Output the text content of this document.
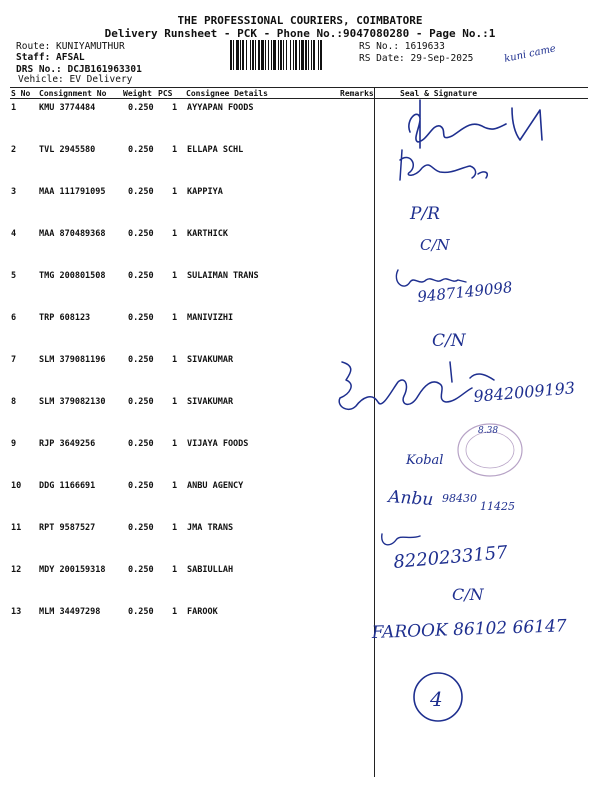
THE PROFESSIONAL COURIERS, COIMBATORE
Delivery Runsheet - PCK - Phone No.:9047080280 - Page No.:1
Route: KUNIYAMUTHUR
Staff: AFSAL
DRS No.: DCJB161963301
Vehicle: EV Delivery
RS No.: 1619633
RS Date: 29-Sep-2025
S No Consignment No Weight PCS Consignee Details	Remarks	Seal & Signature
1	KMU 3774484	0.250 1 AYYAPAN FOODS
2	TVL 2945580	0.250 1 ELLAPA SCHL
3	MAA 111791095	0.250 1 KAPPIYA
4	MAA 870489368	0.250 1 KARTHICK
5	TMG 200801508	0.250 1 SULAIMAN TRANS
6	TRP 608123	0.250 1 MANIVIZHI
7	SLM 379081196	0.250 1 SIVAKUMAR
8	SLM 379082130	0.250 1 SIVAKUMAR
9	RJP 3649256	0.250 1 VIJAYA FOODS
10 DDG 1166691	0.250 1 ANBU AGENCY
11 RPT 9587527	0.250 1 JMA TRANS
12 MDY 200159318	0.250 1 SABIULLAH
13 MLM 34497298	0.250 1 FAROOK
kuni came
P/R
C/N
9487149098
C/N
9842009193
8.38
Kobal
Anbu 98430
11425
8220233157
C/N
FAROOK 86102 66147
4
